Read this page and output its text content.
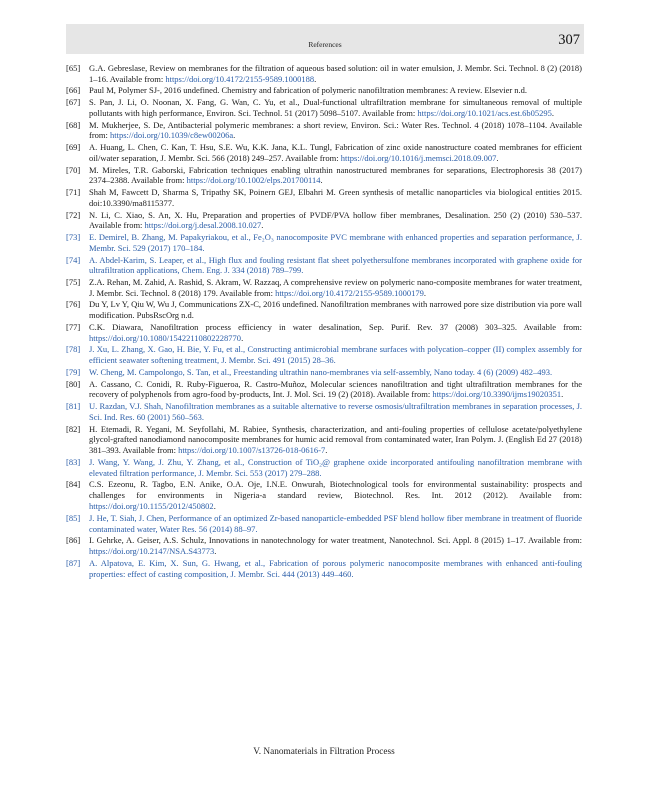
References	307
[65] G.A. Gebreslase, Review on membranes for the filtration of aqueous based solution: oil in water emulsion, J. Membr. Sci. Technol. 8 (2) (2018) 1–16. Available from: https://doi.org/10.4172/2155-9589.1000188.
[66] Paul M, Polymer SJ-, 2016 undefined. Chemistry and fabrication of polymeric nanofiltration membranes: A review. Elsevier n.d.
[67] S. Pan, J. Li, O. Noonan, X. Fang, G. Wan, C. Yu, et al., Dual-functional ultrafiltration membrane for simultaneous removal of multiple pollutants with high performance, Environ. Sci. Technol. 51 (2017) 5098–5107. Available from: https://doi.org/10.1021/acs.est.6b05295.
[68] M. Mukherjee, S. De, Antibacterial polymeric membranes: a short review, Environ. Sci.: Water Res. Technol. 4 (2018) 1078–1104. Available from: https://doi.org/10.1039/c8ew00206a.
[69] A. Huang, L. Chen, C. Kan, T. Hsu, S.E. Wu, K.K. Jana, K.L. Tungl, Fabrication of zinc oxide nanostructure coated membranes for efficient oil/water separation, J. Membr. Sci. 566 (2018) 249–257. Available from: https://doi.org/10.1016/j.memsci.2018.09.007.
[70] M. Mireles, T.R. Gaborski, Fabrication techniques enabling ultrathin nanostructured membranes for separations, Electrophoresis 38 (2017) 2374–2388. Available from: https://doi.org/10.1002/elps.201700114.
[71] Shah M, Fawcett D, Sharma S, Tripathy SK, Poinern GEJ, Elbahri M. Green synthesis of metallic nanoparticles via biological entities 2015. doi:10.3390/ma8115377.
[72] N. Li, C. Xiao, S. An, X. Hu, Preparation and properties of PVDF/PVA hollow fiber membranes, Desalination. 250 (2) (2010) 530–537. Available from: https://doi.org/j.desal.2008.10.027.
[73] E. Demirel, B. Zhang, M. Papakyriakou, et al., Fe₂O₃ nanocomposite PVC membrane with enhanced properties and separation performance, J. Membr. Sci. 529 (2017) 170–184.
[74] A. Abdel-Karim, S. Leaper, et al., High flux and fouling resistant flat sheet polyethersulfone membranes incorporated with graphene oxide for ultrafiltration applications, Chem. Eng. J. 334 (2018) 789–799.
[75] Z.A. Rehan, M. Zahid, A. Rashid, S. Akram, W. Razzaq, A comprehensive review on polymeric nano-composite membranes for water treatment, J. Membr. Sci. Technol. 8 (2018) 179. Available from: https://doi.org/10.4172/2155-9589.1000179.
[76] Du Y, Lv Y, Qiu W, Wu J, Communications ZX-C, 2016 undefined. Nanofiltration membranes with narrowed pore size distribution via pore wall modification. PubsRscOrg n.d.
[77] C.K. Diawara, Nanofiltration process efficiency in water desalination, Sep. Purif. Rev. 37 (2008) 303–325. Available from: https://doi.org/10.1080/15422110802228770.
[78] J. Xu, L. Zhang, X. Gao, H. Bie, Y. Fu, et al., Constructing antimicrobial membrane surfaces with polycation–copper (II) complex assembly for efficient seawater softening treatment, J. Membr. Sci. 491 (2015) 28–36.
[79] W. Cheng, M. Campolongo, S. Tan, et al., Freestanding ultrathin nano-membranes via self-assembly, Nano today. 4 (6) (2009) 482–493.
[80] A. Cassano, C. Conidi, R. Ruby-Figueroa, R. Castro-Muñoz, Molecular sciences nanofiltration and tight ultrafiltration membranes for the recovery of polyphenols from agro-food by-products, Int. J. Mol. Sci. 19 (2) (2018). Available from: https://doi.org/10.3390/ijms19020351.
[81] U. Razdan, V.J. Shah, Nanofiltration membranes as a suitable alternative to reverse osmosis/ultrafiltration membranes in separation processes, J. Sci. Ind. Res. 60 (2001) 560–563.
[82] H. Etemadi, R. Yegani, M. Seyfollahi, M. Rabiee, Synthesis, characterization, and anti-fouling properties of cellulose acetate/polyethylene glycol-grafted nanodiamond nanocomposite membranes for humic acid removal from contaminated water, Iran Polym. J. (English Ed 27 (2018) 381–393. Available from: https://doi.org/10.1007/s13726-018-0616-7.
[83] J. Wang, Y. Wang, J. Zhu, Y. Zhang, et al., Construction of TiO₂@ graphene oxide incorporated antifouling nanofiltration membrane with elevated filtration performance, J. Membr. Sci. 553 (2017) 279–288.
[84] C.S. Ezeonu, R. Tagbo, E.N. Anike, O.A. Oje, I.N.E. Onwurah, Biotechnological tools for environmental sustainability: prospects and challenges for environments in Nigeria-a standard review, Biotechnol. Res. Int. 2012 (2012). Available from: https://doi.org/10.1155/2012/450802.
[85] J. He, T. Siah, J. Chen, Performance of an optimized Zr-based nanoparticle-embedded PSF blend hollow fiber membrane in treatment of fluoride contaminated water, Water Res. 56 (2014) 88–97.
[86] I. Gehrke, A. Geiser, A.S. Schulz, Innovations in nanotechnology for water treatment, Nanotechnol. Sci. Appl. 8 (2015) 1–17. Available from: https://doi.org/10.2147/NSA.S43773.
[87] A. Alpatova, E. Kim, X. Sun, G. Hwang, et al., Fabrication of porous polymeric nanocomposite membranes with enhanced anti-fouling properties: effect of casting composition, J. Membr. Sci. 444 (2013) 449–460.
V. Nanomaterials in Filtration Process
